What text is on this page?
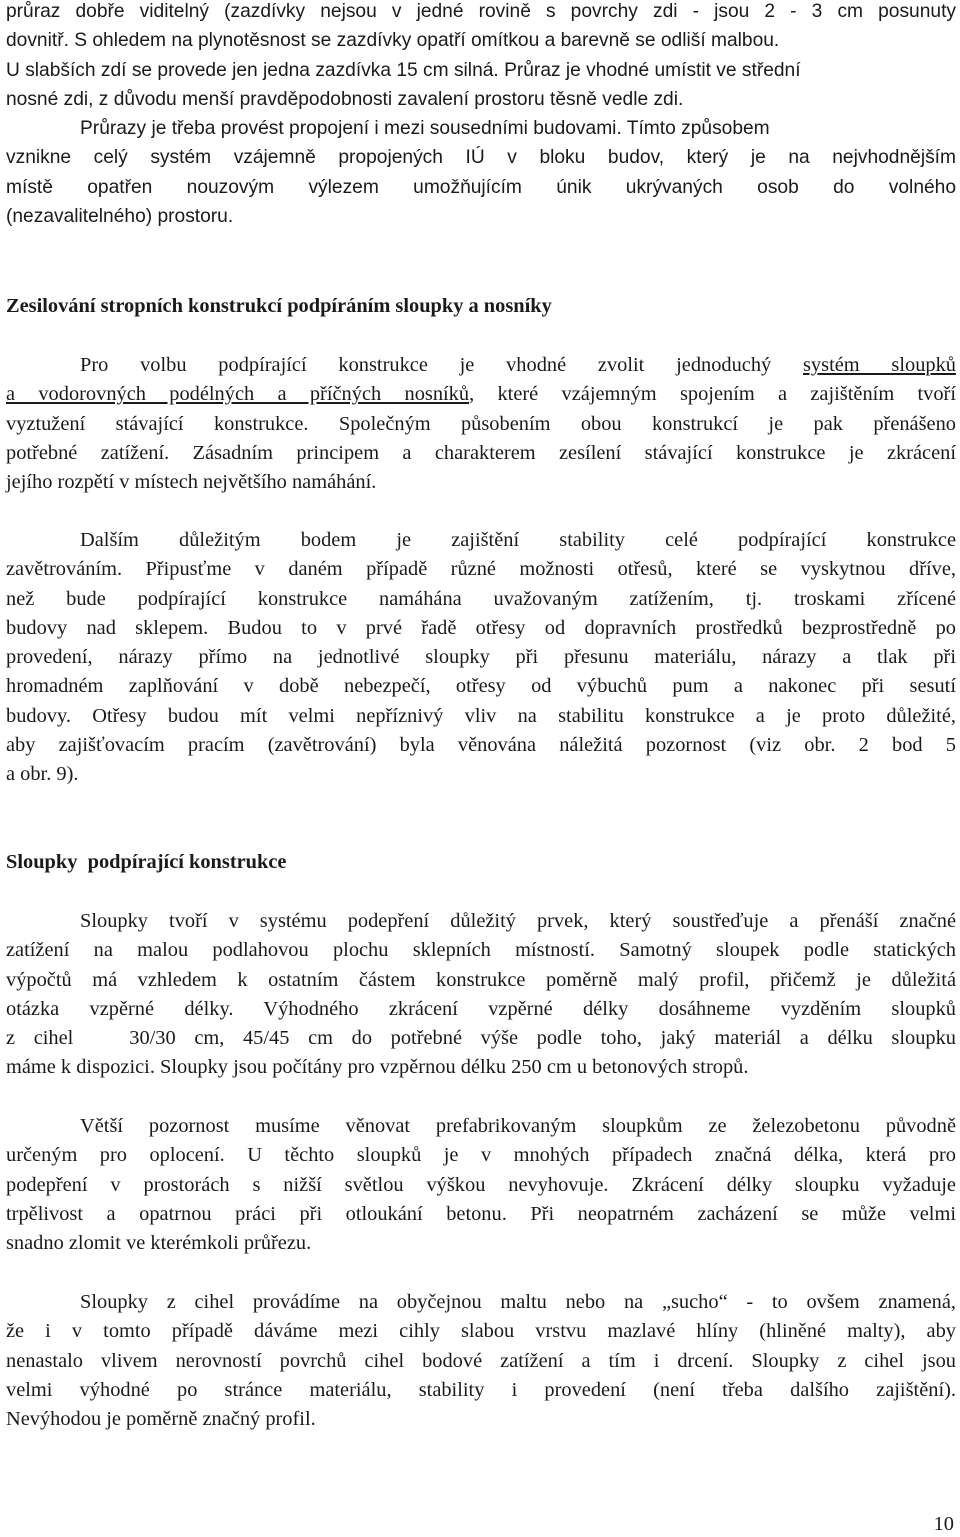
průraz dobře viditelný (zazdívky nejsou v jedné rovině s povrchy zdi - jsou 2 - 3 cm posunuty
dovnitř. S ohledem na plynotěsnost se zazdívky opatří omítkou a barevně se odliší malbou.
U slabších zdí se provede jen jedna zazdívka 15 cm silná. Průraz je vhodné umístit ve střední
nosné zdi, z důvodu menší pravděpodobnosti zavalení prostoru těsně vedle zdi.
Průrazy je třeba provést propojení i mezi sousedními budovami. Tímto způsobem
vznikne celý systém vzájemně propojených IÚ v bloku budov, který je na nejvhodnějším
místě opatřen nouzovým výlezem umožňujícím únik ukrývaných osob do volného
(nezavalitelného) prostoru.
Zesilování stropních konstrukcí podpíráním sloupky a nosníky
Pro volbu podpírající konstrukce je vhodné zvolit jednoduchý systém sloupků
a vodorovných podélných a příčných nosníků, které vzájemným spojením a zajištěním tvoří
vyztužení stávající konstrukce. Společným působením obou konstrukcí je pak přenášeno
potřebné zatížení. Zásadním principem a charakterem zesílení stávající konstrukce je zkrácení
jejího rozpětí v místech největšího namáhání.
Dalším důležitým bodem je zajištění stability celé podpírající konstrukce
zavětrováním. Připusťme v daném případě různé možnosti otřesů, které se vyskytnou dříve,
než bude podpírající konstrukce namáhána uvažovaným zatížením, tj. troskami zřícené
budovy nad sklepem. Budou to v prvé řadě otřesy od dopravních prostředků bezprostředně po
provedení, nárazy přímo na jednotlivé sloupky při přesunu materiálu, nárazy a tlak při
hromadném zaplňování v době nebezpečí, otřesy od výbuchů pum a nakonec při sesutí
budovy. Otřesy budou mít velmi nepříznivý vliv na stabilitu konstrukce a je proto důležité,
aby zajišťovacím pracím (zavětrování) byla věnována náležitá pozornost (viz obr. 2 bod 5
a obr. 9).
Sloupky  podpírající konstrukce
Sloupky tvoří v systému podepření důležitý prvek, který soustřeďuje a přenáší značné
zatížení na malou podlahovou plochu sklepních místností. Samotný sloupek podle statických
výpočtů má vzhledem k ostatním částem konstrukce poměrně malý profil, přičemž je důležitá
otázka vzpěrné délky. Výhodného zkrácení vzpěrné délky dosáhneme vyzděním sloupků
z cihel   30/30 cm, 45/45 cm do potřebné výše podle toho, jaký materiál a délku sloupku
máme k dispozici. Sloupky jsou počítány pro vzpěrnou délku 250 cm u betonových stropů.
Větší pozornost musíme věnovat prefabrikovaným sloupkům ze železobetonu původně
určeným pro oplocení. U těchto sloupků je v mnohých případech značná délka, která pro
podepření v prostorách s nižší světlou výškou nevyhovuje. Zkrácení délky sloupku vyžaduje
trpělivost a opatrnou práci při otloukání betonu. Při neopatrném zacházení se může velmi
snadno zlomit ve kterémkoli průřezu.
Sloupky z cihel provádíme na obyčejnou maltu nebo na „sucho“ - to ovšem znamená,
že i v tomto případě dáváme mezi cihly slabou vrstvu mazlavé hlíny (hliněné malty), aby
nenastalo vlivem nerovností povrchů cihel bodové zatížení a tím i drcení. Sloupky z cihel jsou
velmi výhodné po stránce materiálu, stability i provedení (není třeba dalšího zajištění).
Nevýhodou je poměrně značný profil.
10
